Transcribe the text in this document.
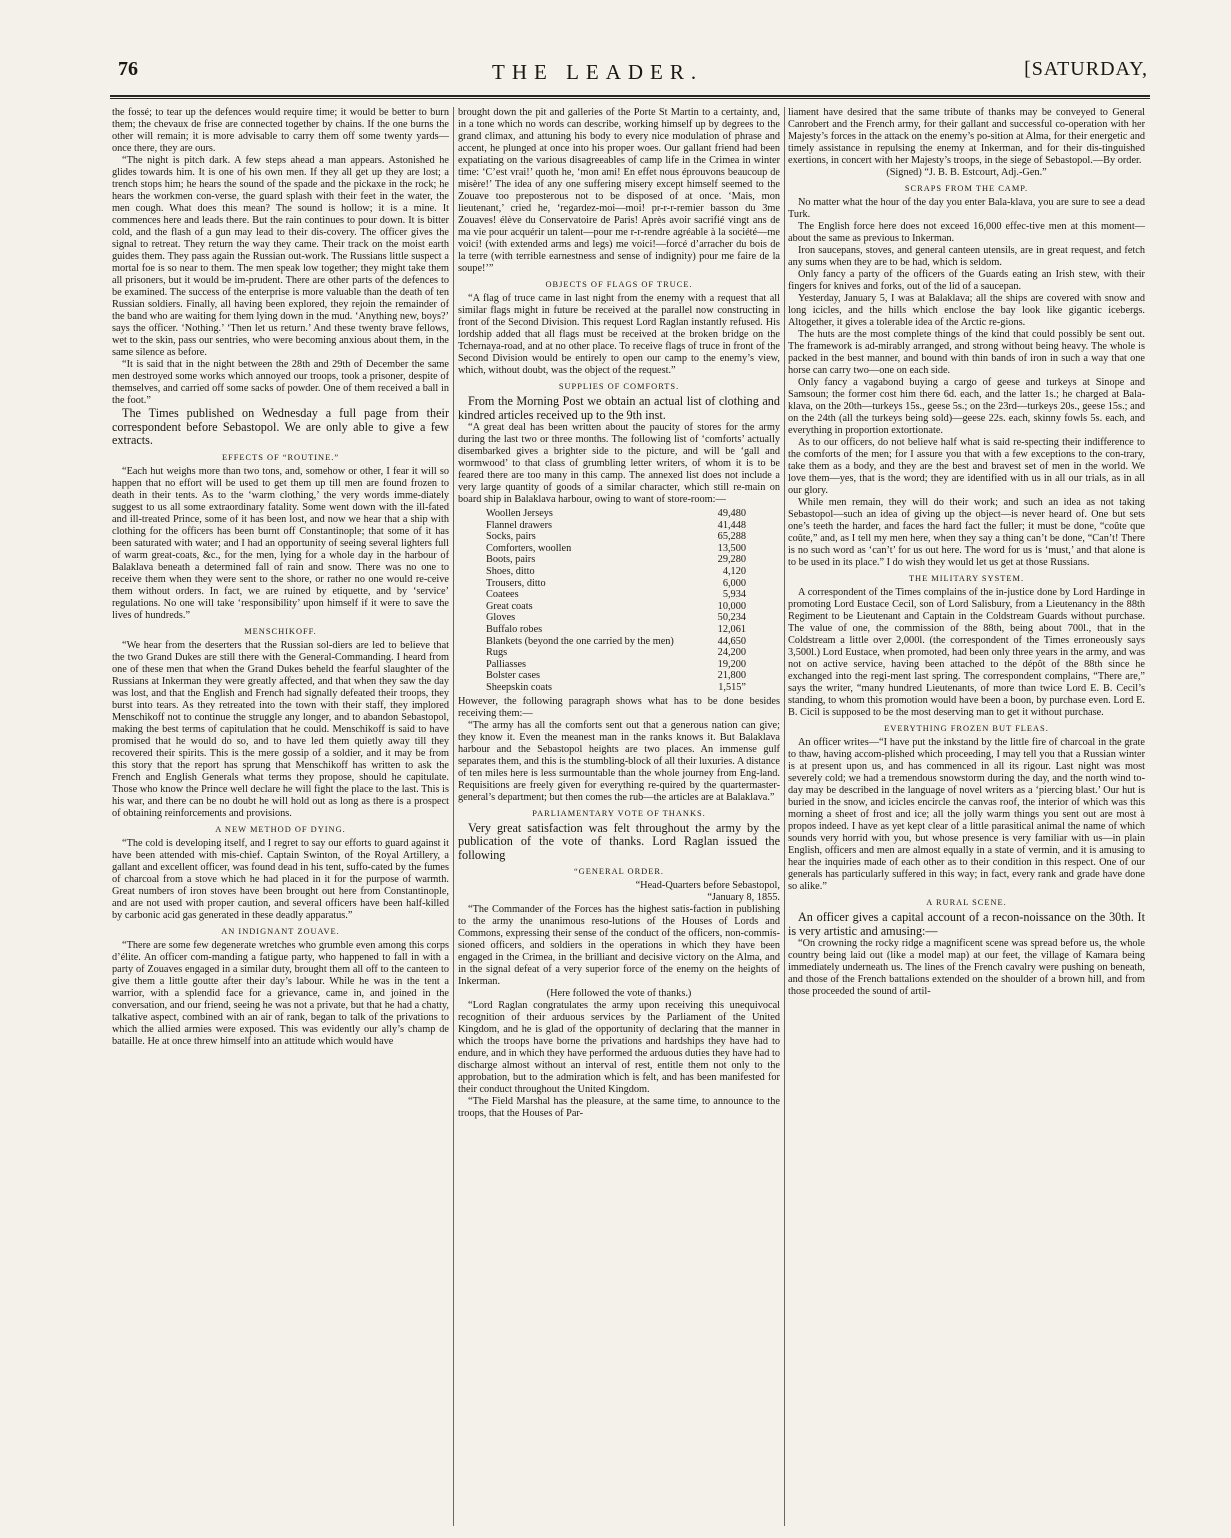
76	THE LEADER.	[SATURDAY,

the fossé; to tear up the defences would require time; it would be better to burn them; the chevaux de frise are connected together by chains. If the one burns the other will remain; it is more advisable to carry them off some twenty yards—once there, they are ours.

“The night is pitch dark. A few steps ahead a man appears. Astonished he glides towards him. It is one of his own men. If they all get up they are lost; a trench stops him; he hears the sound of the spade and the pickaxe in the rock; he hears the workmen con-verse, the guard splash with their feet in the water, the men cough. What does this mean? The sound is hollow; it is a mine. It commences here and leads there. But the rain continues to pour down. It is bitter cold, and the flash of a gun may lead to their dis-covery. The officer gives the signal to retreat. They return the way they came. Their track on the moist earth guides them. They pass again the Russian out-work. The Russians little suspect a mortal foe is so near to them. The men speak low together; they might take them all prisoners, but it would be im-prudent. There are other parts of the defences to be examined. The success of the enterprise is more valuable than the death of ten Russian soldiers. Finally, all having been explored, they rejoin the remainder of the band who are waiting for them lying down in the mud. ‘Anything new, boys?’ says the officer. ‘Nothing.’ ‘Then let us return.’ And these twenty brave fellows, wet to the skin, pass our sentries, who were becoming anxious about them, in the same silence as before.

“It is said that in the night between the 28th and 29th of December the same men destroyed some works which annoyed our troops, took a prisoner, despite of themselves, and carried off some sacks of powder. One of them received a ball in the foot.”

The Times published on Wednesday a full page from their correspondent before Sebastopol. We are only able to give a few extracts.

EFFECTS OF “ROUTINE.”

“Each hut weighs more than two tons, and, somehow or other, I fear it will so happen that no effort will be used to get them up till men are found frozen to death in their tents. As to the ‘warm clothing,’ the very words imme-diately suggest to us all some extraordinary fatality. Some went down with the ill-fated and ill-treated Prince, some of it has been lost, and now we hear that a ship with clothing for the officers has been burnt off Constantinople; that some of it has been saturated with water; and I had an opportunity of seeing several lighters full of warm great-coats, &c., for the men, lying for a whole day in the harbour of Balaklava beneath a determined fall of rain and snow. There was no one to receive them when they were sent to the shore, or rather no one would re-ceive them without orders. In fact, we are ruined by etiquette, and by ‘service’ regulations. No one will take ‘responsibility’ upon himself if it were to save the lives of hundreds.”

MENSCHIKOFF.

“We hear from the deserters that the Russian sol-diers are led to believe that the two Grand Dukes are still there with the General-Commanding. I heard from one of these men that when the Grand Dukes beheld the fearful slaughter of the Russians at Inkerman they were greatly affected, and that when they saw the day was lost, and that the English and French had signally defeated their troops, they burst into tears. As they retreated into the town with their staff, they implored Menschikoff not to continue the struggle any longer, and to abandon Sebastopol, making the best terms of capitulation that he could. Menschikoff is said to have promised that he would do so, and to have led them quietly away till they recovered their spirits. This is the mere gossip of a soldier, and it may be from this story that the report has sprung that Menschikoff has written to ask the French and English Generals what terms they propose, should he capitulate. Those who know the Prince well declare he will fight the place to the last. This is his war, and there can be no doubt he will hold out as long as there is a prospect of obtaining reinforcements and provisions.

A NEW METHOD OF DYING.

“The cold is developing itself, and I regret to say our efforts to guard against it have been attended with mis-chief. Captain Swinton, of the Royal Artillery, a gallant and excellent officer, was found dead in his tent, suffo-cated by the fumes of charcoal from a stove which he had placed in it for the purpose of warmth. Great numbers of iron stoves have been brought out here from Constantinople, and are not used with proper caution, and several officers have been half-killed by carbonic acid gas generated in these deadly apparatus.”

AN INDIGNANT ZOUAVE.

“There are some few degenerate wretches who grumble even among this corps d’élite. An officer com-manding a fatigue party, who happened to fall in with a party of Zouaves engaged in a similar duty, brought them all off to the canteen to give them a little goutte after their day’s labour. While he was in the tent a warrior, with a splendid face for a grievance, came in, and joined in the conversation, and our friend, seeing he was not a private, but that he had a chatty, talkative aspect, combined with an air of rank, began to talk of the privations to which the allied armies were exposed. This was evidently our ally’s champ de bataille. He at once threw himself into an attitude which would have

brought down the pit and galleries of the Porte St Martin to a certainty, and, in a tone which no words can describe, working himself up by degrees to the grand climax, and attuning his body to every nice modulation of phrase and accent, he plunged at once into his proper woes. Our gallant friend had been expatiating on the various disagreeables of camp life in the Crimea in winter time: ‘C’est vrai!’ quoth he, ‘mon ami! En effet nous éprouvons beaucoup de misère!’ The idea of any one suffering misery except himself seemed to the Zouave too preposterous not to be disposed of at once. ‘Mais, mon lieutenant,’ cried he, ‘regardez-moi—moi! pr-r-r-remier basson du 3me Zouaves! élève du Conservatoire de Paris! Après avoir sacrifié vingt ans de ma vie pour acquérir un talent—pour me r-r-rendre agréable à la société—me voici! (with extended arms and legs) me voici!—forcé d’arracher du bois de la terre (with terrible earnestness and sense of indignity) pour me faire de la soupe!’”

OBJECTS OF FLAGS OF TRUCE.

“A flag of truce came in last night from the enemy with a request that all similar flags might in future be received at the parallel now constructing in front of the Second Division. This request Lord Raglan instantly refused. His lordship added that all flags must be received at the broken bridge on the Tchernaya-road, and at no other place. To receive flags of truce in front of the Second Division would be entirely to open our camp to the enemy’s view, which, without doubt, was the object of the request.”

SUPPLIES OF COMFORTS.

From the Morning Post we obtain an actual list of clothing and kindred articles received up to the 9th inst.

“A great deal has been written about the paucity of stores for the army during the last two or three months. The following list of ‘comforts’ actually disembarked gives a brighter side to the picture, and will be ‘gall and wormwood’ to that class of grumbling letter writers, of whom it is to be feared there are too many in this camp. The annexed list does not include a very large quantity of goods of a similar character, which still re-main on board ship in Balaklava harbour, owing to want of store-room:—

Woollen Jerseys	49,480
Flannel drawers	41,448
Socks, pairs	65,288
Comforters, woollen	13,500
Boots, pairs	29,280
Shoes, ditto	4,120
Trousers, ditto	6,000
Coatees	5,934
Great coats	10,000
Gloves	50,234
Buffalo robes	12,061
Blankets (beyond the one carried by the men)	44,650
Rugs	24,200
Palliasses	19,200
Bolster cases	21,800
Sheepskin coats	1,515”

However, the following paragraph shows what has to be done besides receiving them:—

“The army has all the comforts sent out that a generous nation can give; they know it. Even the meanest man in the ranks knows it. But Balaklava harbour and the Sebastopol heights are two places. An immense gulf separates them, and this is the stumbling-block of all their luxuries. A distance of ten miles here is less surmountable than the whole journey from Eng-land. Requisitions are freely given for everything re-quired by the quartermaster-general’s department; but then comes the rub—the articles are at Balaklava.”

PARLIAMENTARY VOTE OF THANKS.

Very great satisfaction was felt throughout the army by the publication of the vote of thanks. Lord Raglan issued the following

“GENERAL ORDER.

“Head-Quarters before Sebastopol,

“January 8, 1855.

“The Commander of the Forces has the highest satis-faction in publishing to the army the unanimous reso-lutions of the Houses of Lords and Commons, expressing their sense of the conduct of the officers, non-commis-sioned officers, and soldiers in the operations in which they have been engaged in the Crimea, in the brilliant and decisive victory on the Alma, and in the signal defeat of a very superior force of the enemy on the heights of Inkerman.

(Here followed the vote of thanks.)

“Lord Raglan congratulates the army upon receiving this unequivocal recognition of their arduous services by the Parliament of the United Kingdom, and he is glad of the opportunity of declaring that the manner in which the troops have borne the privations and hardships they have had to endure, and in which they have performed the arduous duties they have had to discharge almost without an interval of rest, entitle them not only to the approbation, but to the admiration which is felt, and has been manifested for their conduct throughout the United Kingdom.

“The Field Marshal has the pleasure, at the same time, to announce to the troops, that the Houses of Par-

liament have desired that the same tribute of thanks may be conveyed to General Canrobert and the French army, for their gallant and successful co-operation with her Majesty’s forces in the attack on the enemy’s po-sition at Alma, for their energetic and timely assistance in repulsing the enemy at Inkerman, and for their dis-tinguished exertions, in concert with her Majesty’s troops, in the siege of Sebastopol.—By order.

(Signed) “J. B. B. Estcourt, Adj.-Gen.”

SCRAPS FROM THE CAMP.

No matter what the hour of the day you enter Bala-klava, you are sure to see a dead Turk.

The English force here does not exceed 16,000 effec-tive men at this moment—about the same as previous to Inkerman.

Iron saucepans, stoves, and general canteen utensils, are in great request, and fetch any sums when they are to be had, which is seldom.

Only fancy a party of the officers of the Guards eating an Irish stew, with their fingers for knives and forks, out of the lid of a saucepan.

Yesterday, January 5, I was at Balaklava; all the ships are covered with snow and long icicles, and the hills which enclose the bay look like gigantic icebergs. Altogether, it gives a tolerable idea of the Arctic re-gions.

The huts are the most complete things of the kind that could possibly be sent out. The framework is ad-mirably arranged, and strong without being heavy. The whole is packed in the best manner, and bound with thin bands of iron in such a way that one horse can carry two—one on each side.

Only fancy a vagabond buying a cargo of geese and turkeys at Sinope and Samsoun; the former cost him there 6d. each, and the latter 1s.; he charged at Bala-klava, on the 20th—turkeys 15s., geese 5s.; on the 23rd—turkeys 20s., geese 15s.; and on the 24th (all the turkeys being sold)—geese 22s. each, skinny fowls 5s. each, and everything in proportion extortionate.

As to our officers, do not believe half what is said re-specting their indifference to the comforts of the men; for I assure you that with a few exceptions to the con-trary, take them as a body, and they are the best and bravest set of men in the world. We love them—yes, that is the word; they are identified with us in all our trials, as in all our glory.

While men remain, they will do their work; and such an idea as not taking Sebastopol—such an idea of giving up the object—is never heard of. One but sets one’s teeth the harder, and faces the hard fact the fuller; it must be done, “coûte que coûte,” and, as I tell my men here, when they say a thing can’t be done, “Can’t! There is no such word as ‘can’t’ for us out here. The word for us is ‘must,’ and that alone is to be used in its place.” I do wish they would let us get at those Russians.

THE MILITARY SYSTEM.

A correspondent of the Times complains of the in-justice done by Lord Hardinge in promoting Lord Eustace Cecil, son of Lord Salisbury, from a Lieutenancy in the 88th Regiment to be Lieutenant and Captain in the Coldstream Guards without purchase. The value of one, the commission of the 88th, being about 700l., that in the Coldstream a little over 2,000l. (the correspondent of the Times erroneously says 3,500l.) Lord Eustace, when promoted, had been only three years in the army, and was not on active service, having been attached to the dépôt of the 88th since he exchanged into the regi-ment last spring. The correspondent complains, “There are,” says the writer, “many hundred Lieutenants, of more than twice Lord E. B. Cecil’s standing, to whom this promotion would have been a boon, by purchase even. Lord E. B. Cicil is supposed to be the most deserving man to get it without purchase.

EVERYTHING FROZEN BUT FLEAS.

An officer writes—“I have put the inkstand by the little fire of charcoal in the grate to thaw, having accom-plished which proceeding, I may tell you that a Russian winter is at present upon us, and has commenced in all its rigour. Last night was most severely cold; we had a tremendous snowstorm during the day, and the north wind to-day may be described in the language of novel writers as a ‘piercing blast.’ Our hut is buried in the snow, and icicles encircle the canvas roof, the interior of which was this morning a sheet of frost and ice; all the jolly warm things you sent out are most à propos indeed. I have as yet kept clear of a little parasitical animal the name of which sounds very horrid with you, but whose presence is very familiar with us—in plain English, officers and men are almost equally in a state of vermin, and it is amusing to hear the inquiries made of each other as to their condition in this respect. One of our generals has particularly suffered in this way; in fact, every rank and grade have done so alike.”

A RURAL SCENE.

An officer gives a capital account of a recon-noissance on the 30th. It is very artistic and amusing:—

“On crowning the rocky ridge a magnificent scene was spread before us, the whole country being laid out (like a model map) at our feet, the village of Kamara being immediately underneath us. The lines of the French cavalry were pushing on beneath, and those of the French battalions extended on the shoulder of a brown hill, and from those proceeded the sound of artil-
